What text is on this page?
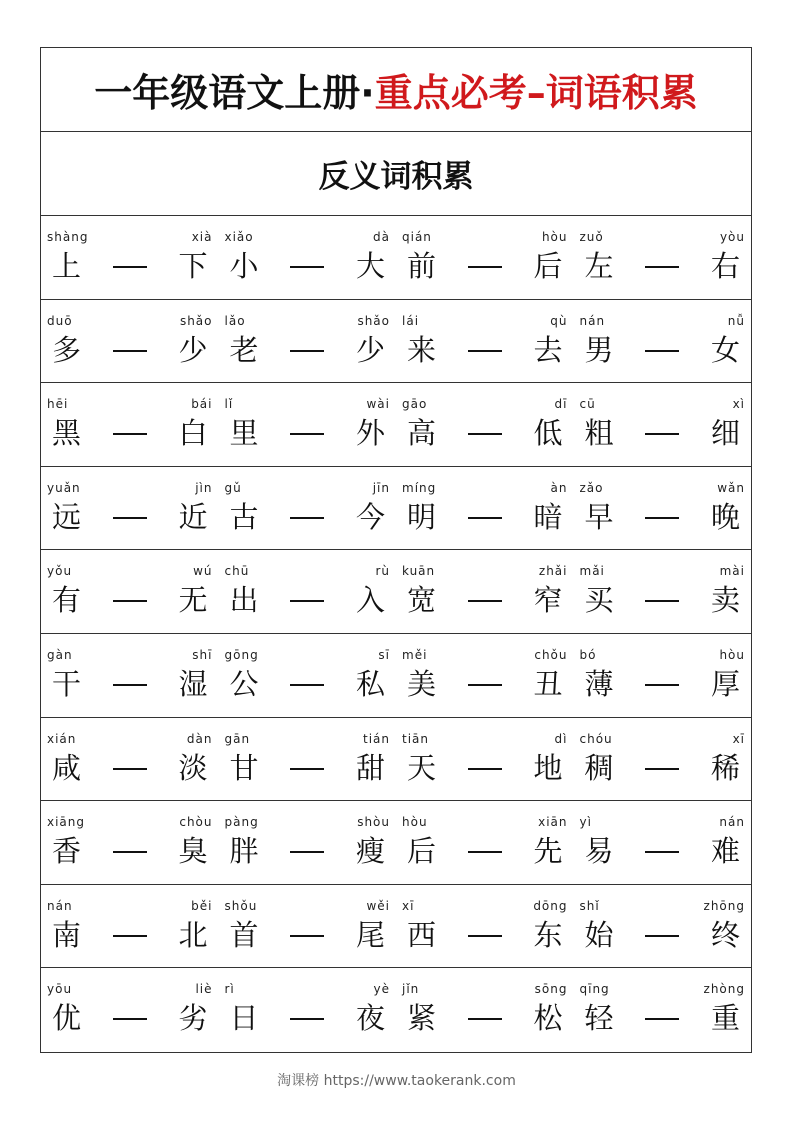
一年级语文上册·重点必考–词语积累
反义词积累
shàng
上
xià
下
xiǎo
小
dà
大
qián
前
hòu
后
zuǒ
左
yòu
右
duō
多
shǎo
少
lǎo
老
shǎo
少
lái
来
qù
去
nán
男
nǚ
女
hēi
黑
bái
白
lǐ
里
wài
外
gāo
高
dī
低
cū
粗
xì
细
yuǎn
远
jìn
近
gǔ
古
jīn
今
míng
明
àn
暗
zǎo
早
wǎn
晚
yǒu
有
wú
无
chū
出
rù
入
kuān
宽
zhǎi
窄
mǎi
买
mài
卖
gàn
干
shī
湿
gōng
公
sī
私
měi
美
chǒu
丑
bó
薄
hòu
厚
xián
咸
dàn
淡
gān
甘
tián
甜
tiān
天
dì
地
chóu
稠
xī
稀
xiāng
香
chòu
臭
pàng
胖
shòu
瘦
hòu
后
xiān
先
yì
易
nán
难
nán
南
běi
北
shǒu
首
wěi
尾
xī
西
dōng
东
shǐ
始
zhōng
终
yōu
优
liè
劣
rì
日
yè
夜
jǐn
紧
sōng
松
qīng
轻
zhòng
重
淘课榜 https://www.taokerank.com
